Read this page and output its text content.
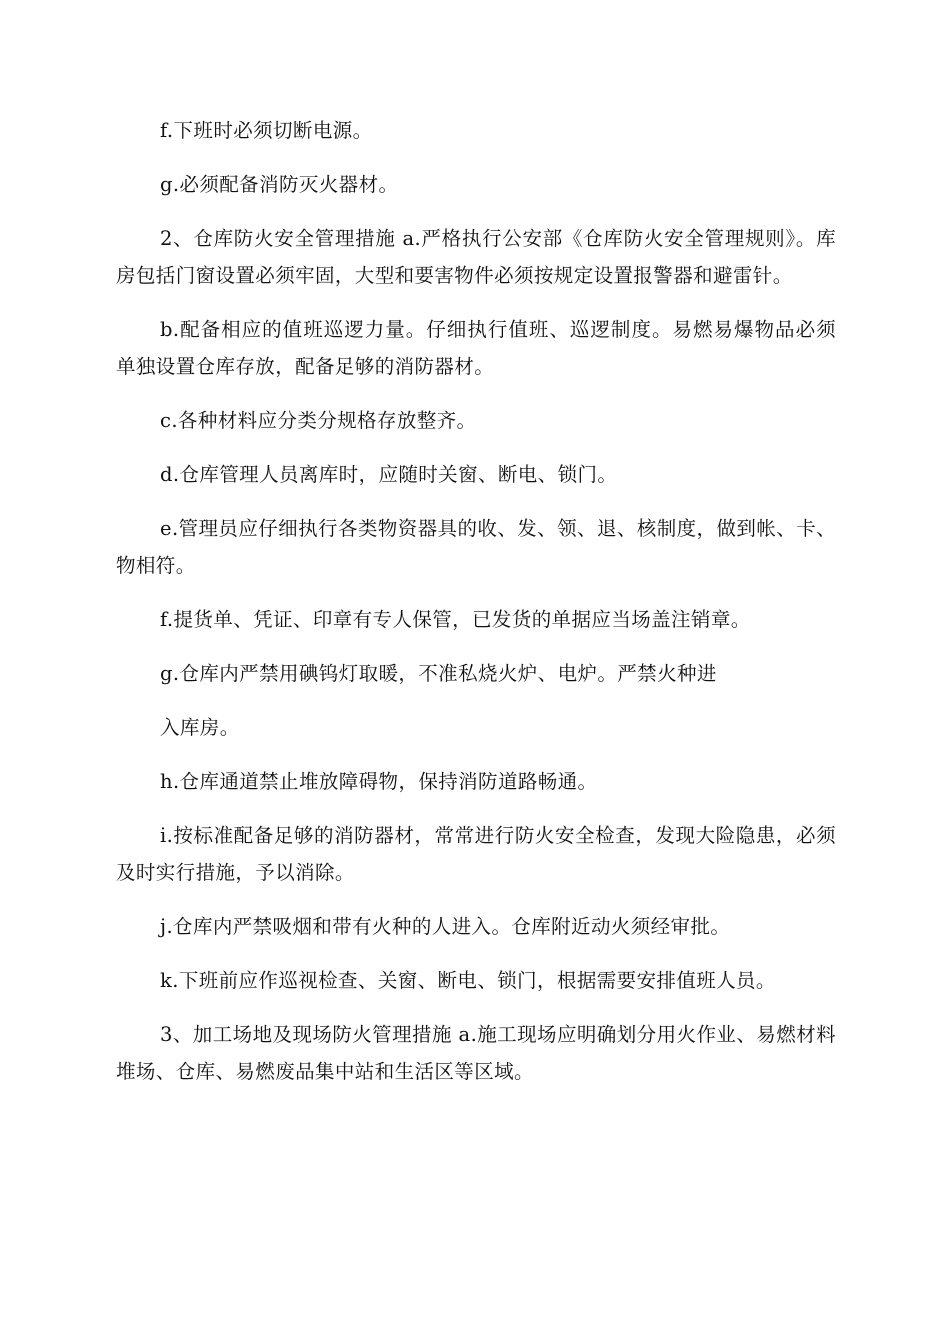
f.下班时必须切断电源。

g.必须配备消防灭火器材。

2、仓库防火安全管理措施 a.严格执行公安部《仓库防火安全管理规则》。库房包括门窗设置必须牢固，大型和要害物件必须按规定设置报警器和避雷针。

b.配备相应的值班巡逻力量。仔细执行值班、巡逻制度。易燃易爆物品必须单独设置仓库存放，配备足够的消防器材。

c.各种材料应分类分规格存放整齐。

d.仓库管理人员离库时，应随时关窗、断电、锁门。

e.管理员应仔细执行各类物资器具的收、发、领、退、核制度，做到帐、卡、物相符。

f.提货单、凭证、印章有专人保管，已发货的单据应当场盖注销章。

g.仓库内严禁用碘钨灯取暖，不准私烧火炉、电炉。严禁火种进

入库房。

h.仓库通道禁止堆放障碍物，保持消防道路畅通。

i.按标准配备足够的消防器材，常常进行防火安全检查，发现大险隐患，必须及时实行措施，予以消除。

j.仓库内严禁吸烟和带有火种的人进入。仓库附近动火须经审批。

k.下班前应作巡视检查、关窗、断电、锁门，根据需要安排值班人员。

3、加工场地及现场防火管理措施 a.施工现场应明确划分用火作业、易燃材料堆场、仓库、易燃废品集中站和生活区等区域。
